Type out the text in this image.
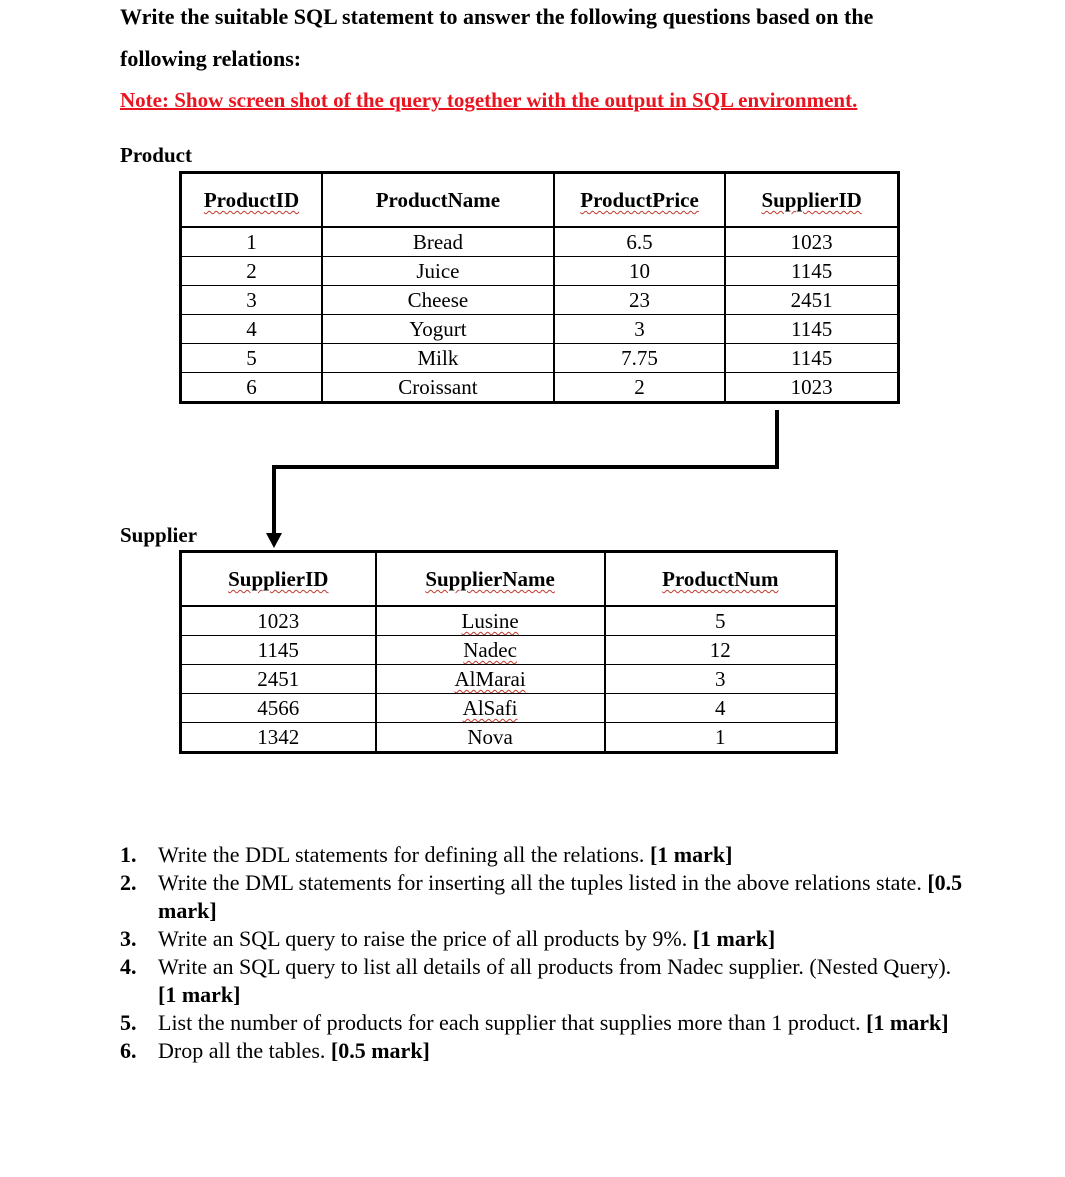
Write the suitable SQL statement to answer the following questions based on the
following relations:
Note: Show screen shot of the query together with the output in SQL environment.
Product
ProductID	ProductName	ProductPrice	SupplierID
1	Bread	6.5	1023
2	Juice	10	1145
3	Cheese	23	2451
4	Yogurt	3	1145
5	Milk	7.75	1145
6	Croissant	2	1023
Supplier
SupplierID	SupplierName	ProductNum
1023	Lusine	5
1145	Nadec	12
2451	AlMarai	3
4566	AlSafi	4
1342	Nova	1
1. Write the DDL statements for defining all the relations. [1 mark]
2. Write the DML statements for inserting all the tuples listed in the above relations state. [0.5 mark]
3. Write an SQL query to raise the price of all products by 9%. [1 mark]
4. Write an SQL query to list all details of all products from Nadec supplier. (Nested Query). [1 mark]
5. List the number of products for each supplier that supplies more than 1 product. [1 mark]
6. Drop all the tables. [0.5 mark]
